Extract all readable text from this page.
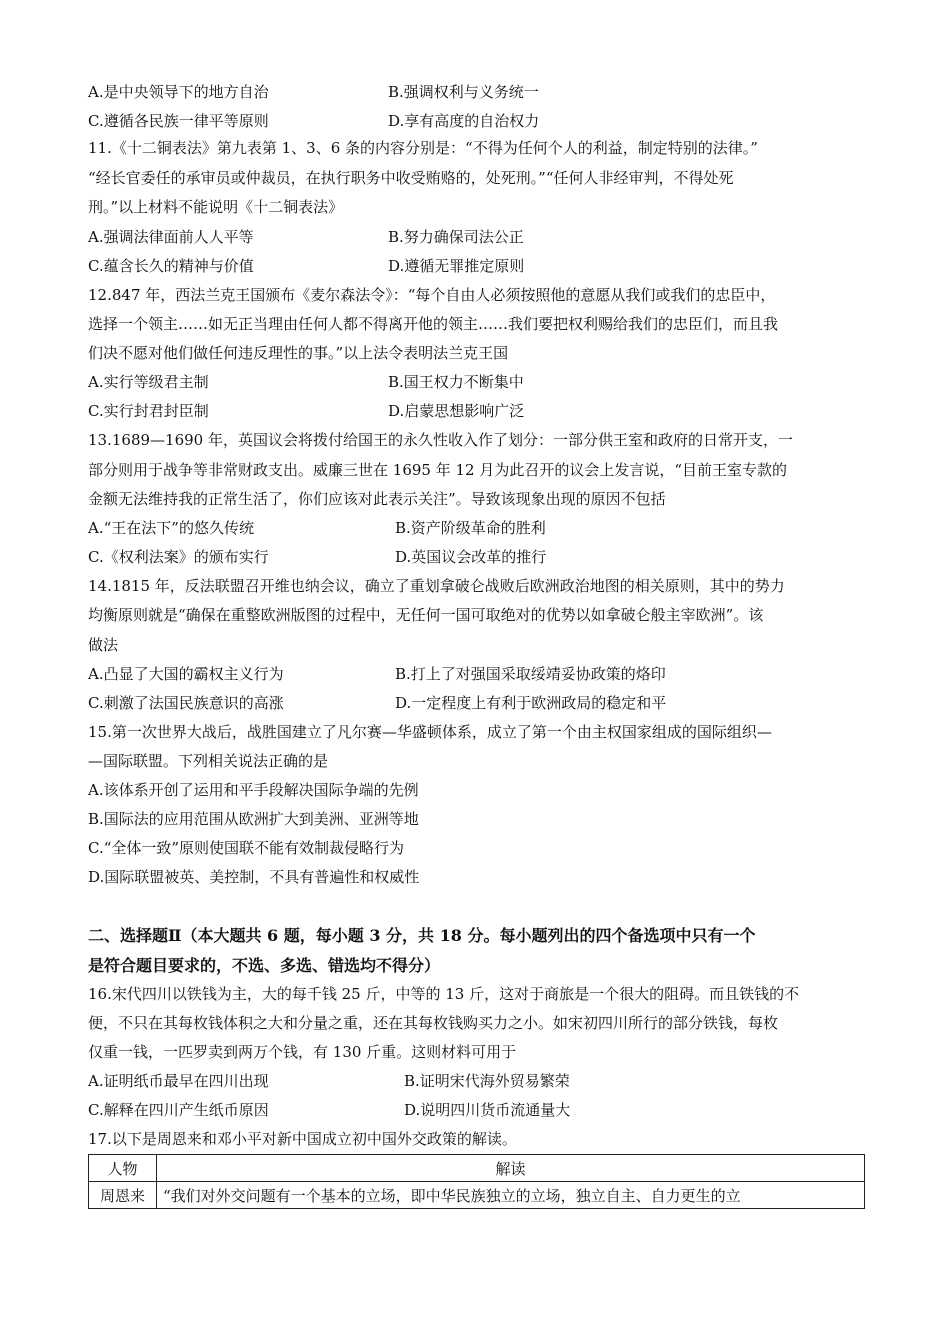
A.是中央领导下的地方自治	B.强调权利与义务统一
C.遵循各民族一律平等原则	D.享有高度的自治权力
11.《十二铜表法》第九表第 1、3、6 条的内容分别是：“不得为任何个人的利益，制定特别的法律。”
“经长官委任的承审员或仲裁员，在执行职务中收受贿赂的，处死刑。”“任何人非经审判，不得处死
刑。”以上材料不能说明《十二铜表法》
A.强调法律面前人人平等	B.努力确保司法公正
C.蕴含长久的精神与价值	D.遵循无罪推定原则
12.847 年，西法兰克王国颁布《麦尔森法令》：“每个自由人必须按照他的意愿从我们或我们的忠臣中，
选择一个领主……如无正当理由任何人都不得离开他的领主……我们要把权利赐给我们的忠臣们，而且我
们决不愿对他们做任何违反理性的事。”以上法令表明法兰克王国
A.实行等级君主制	B.国王权力不断集中
C.实行封君封臣制	D.启蒙思想影响广泛
13.1689—1690 年，英国议会将拨付给国王的永久性收入作了划分：一部分供王室和政府的日常开支，一
部分则用于战争等非常财政支出。威廉三世在 1695 年 12 月为此召开的议会上发言说，“目前王室专款的
金额无法维持我的正常生活了，你们应该对此表示关注”。导致该现象出现的原因不包括
A.“王在法下”的悠久传统	B.资产阶级革命的胜利
C.《权利法案》的颁布实行	D.英国议会改革的推行
14.1815 年，反法联盟召开维也纳会议，确立了重划拿破仑战败后欧洲政治地图的相关原则，其中的势力
均衡原则就是“确保在重整欧洲版图的过程中，无任何一国可取绝对的优势以如拿破仑般主宰欧洲”。该
做法
A.凸显了大国的霸权主义行为	B.打上了对强国采取绥靖妥协政策的烙印
C.刺激了法国民族意识的高涨	D.一定程度上有利于欧洲政局的稳定和平
15.第一次世界大战后，战胜国建立了凡尔赛—华盛顿体系，成立了第一个由主权国家组成的国际组织—
—国际联盟。下列相关说法正确的是
A.该体系开创了运用和平手段解决国际争端的先例
B.国际法的应用范围从欧洲扩大到美洲、亚洲等地
C.“全体一致”原则使国联不能有效制裁侵略行为
D.国际联盟被英、美控制，不具有普遍性和权威性
二、选择题Ⅱ（本大题共 6 题，每小题 3 分，共 18 分。每小题列出的四个备选项中只有一个
是符合题目要求的，不选、多选、错选均不得分）
16.宋代四川以铁钱为主，大的每千钱 25 斤，中等的 13 斤，这对于商旅是一个很大的阻碍。而且铁钱的不
便，不只在其每枚钱体积之大和分量之重，还在其每枚钱购买力之小。如宋初四川所行的部分铁钱，每枚
仅重一钱，一匹罗卖到两万个钱，有 130 斤重。这则材料可用于
A.证明纸币最早在四川出现	B.证明宋代海外贸易繁荣
C.解释在四川产生纸币原因	D.说明四川货币流通量大
17.以下是周恩来和邓小平对新中国成立初中国外交政策的解读。
人物	解读
周恩来	“我们对外交问题有一个基本的立场，即中华民族独立的立场，独立自主、自力更生的立
